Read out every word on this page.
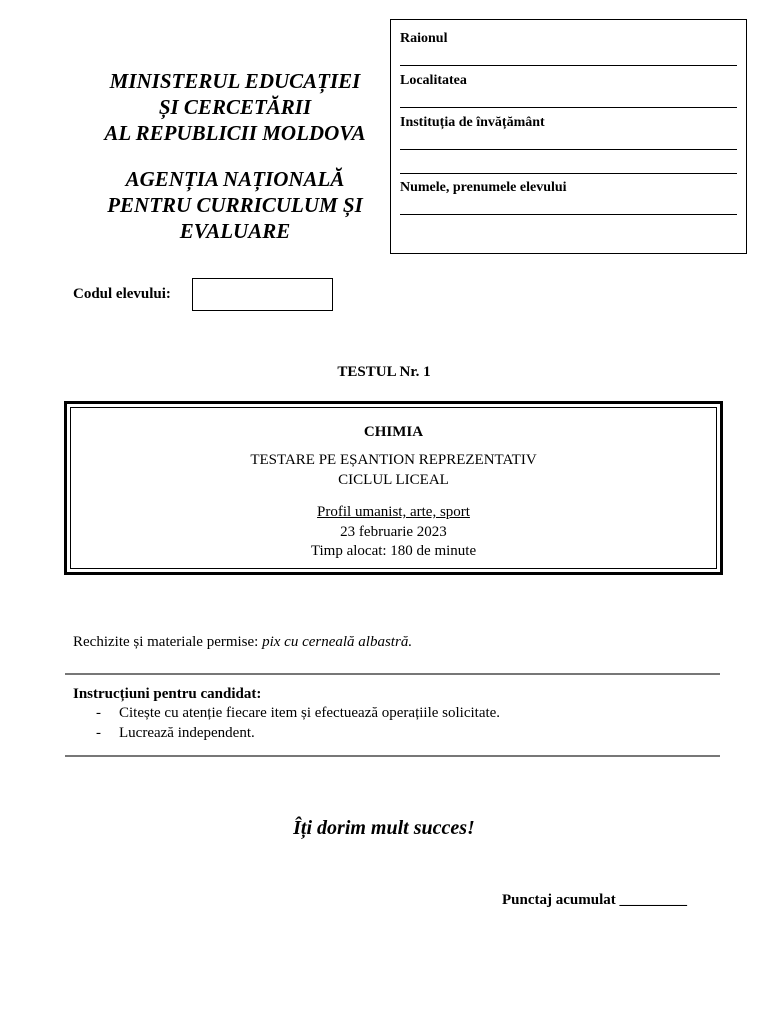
MINISTERUL EDUCAȚIEI
ȘI CERCETĂRII
AL REPUBLICII MOLDOVA
AGENȚIA NAȚIONALĂ
PENTRU CURRICULUM ȘI
EVALUARE
Raionul
Localitatea
Instituția de învățământ
Numele, prenumele elevului
Codul elevului:
TESTUL Nr. 1
CHIMIA
TESTARE PE EȘANTION REPREZENTATIV
CICLUL LICEAL
Profil umanist, arte, sport
23 februarie 2023
Timp alocat: 180 de minute
Rechizite și materiale permise: pix cu cerneală albastră.
Instrucțiuni pentru candidat:
- Citește cu atenție fiecare item și efectuează operațiile solicitate.
- Lucrează independent.
Îți dorim mult succes!
Punctaj acumulat _________
